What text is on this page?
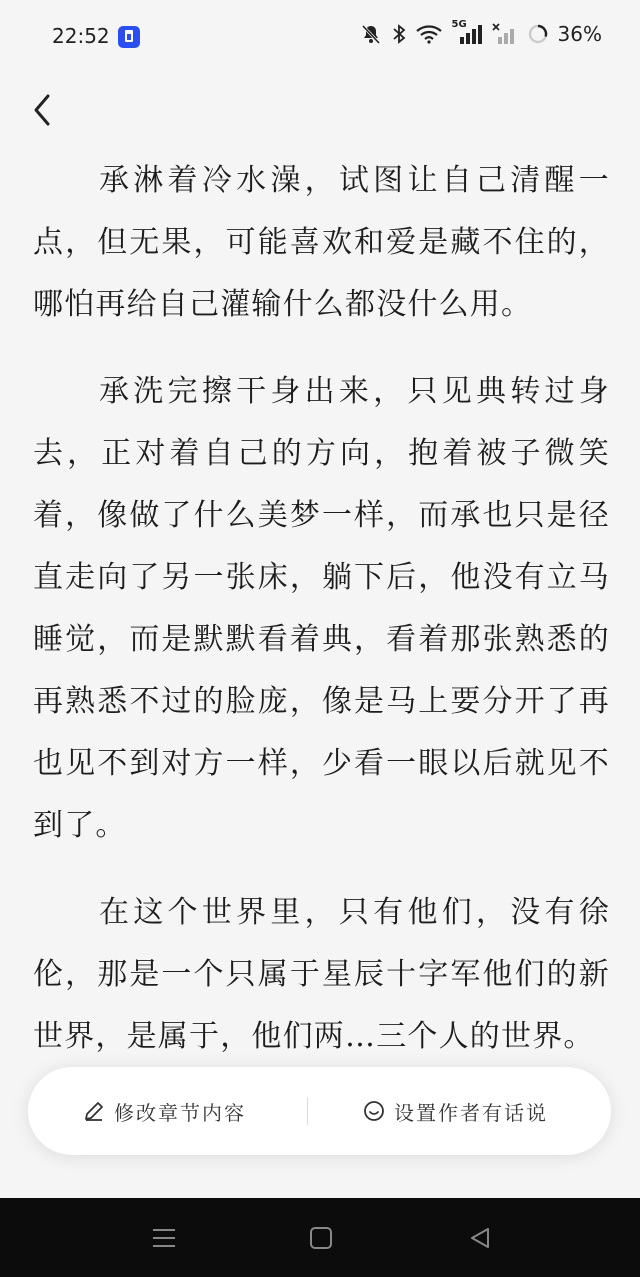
22:52	5G	36%

承淋着冷水澡，试图让自己清醒一点，但无果，可能喜欢和爱是藏不住的，哪怕再给自己灌输什么都没什么用。

承洗完擦干身出来，只见典转过身去，正对着自己的方向，抱着被子微笑着，像做了什么美梦一样，而承也只是径直走向了另一张床，躺下后，他没有立马睡觉，而是默默看着典，看着那张熟悉的再熟悉不过的脸庞，像是马上要分开了再也见不到对方一样，少看一眼以后就见不到了。

在这个世界里，只有他们，没有徐伦，那是一个只属于星辰十字军他们的新世界，是属于，他们两…三个人的世界。

修改章节内容	设置作者有话说
